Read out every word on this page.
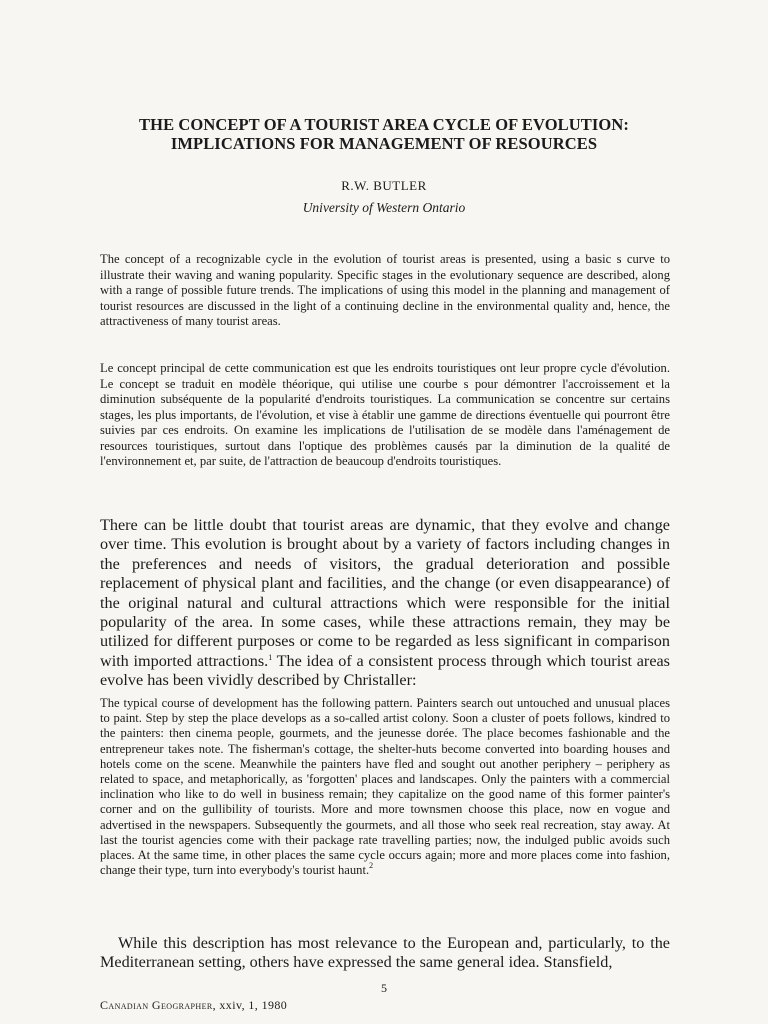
THE CONCEPT OF A TOURIST AREA CYCLE OF EVOLUTION:
IMPLICATIONS FOR MANAGEMENT OF RESOURCES
R.W. BUTLER
University of Western Ontario

The concept of a recognizable cycle in the evolution of tourist areas is presented, using a basic s curve to illustrate their waving and waning popularity. Specific stages in the evolutionary sequence are described, along with a range of possible future trends. The implications of using this model in the planning and management of tourist resources are discussed in the light of a continuing decline in the environmental quality and, hence, the attractiveness of many tourist areas.

Le concept principal de cette communication est que les endroits touristiques ont leur propre cycle d'évolution. Le concept se traduit en modèle théorique, qui utilise une courbe s pour démontrer l'accroissement et la diminution subséquente de la popularité d'endroits touristiques. La communication se concentre sur certains stages, les plus importants, de l'évolution, et vise à établir une gamme de directions éventuelle qui pourront être suivies par ces endroits. On examine les implications de l'utilisation de se modèle dans l'aménagement de resources touristiques, surtout dans l'optique des problèmes causés par la diminution de la qualité de l'environnement et, par suite, de l'attraction de beaucoup d'endroits touristiques.

There can be little doubt that tourist areas are dynamic, that they evolve and change over time. This evolution is brought about by a variety of factors including changes in the preferences and needs of visitors, the gradual deterioration and possible replacement of physical plant and facilities, and the change (or even disappearance) of the original natural and cultural attractions which were responsible for the initial popularity of the area. In some cases, while these attractions remain, they may be utilized for different purposes or come to be regarded as less significant in comparison with imported attractions.$^1$ The idea of a consistent process through which tourist areas evolve has been vividly described by Christaller:

The typical course of development has the following pattern. Painters search out untouched and unusual places to paint. Step by step the place develops as a so-called artist colony. Soon a cluster of poets follows, kindred to the painters: then cinema people, gourmets, and the jeunesse dorée. The place becomes fashionable and the entrepreneur takes note. The fisherman's cottage, the shelter-huts become converted into boarding houses and hotels come on the scene. Meanwhile the painters have fled and sought out another periphery – periphery as related to space, and metaphorically, as 'forgotten' places and landscapes. Only the painters with a commercial inclination who like to do well in business remain; they capitalize on the good name of this former painter's corner and on the gullibility of tourists. More and more townsmen choose this place, now en vogue and advertised in the newspapers. Subsequently the gourmets, and all those who seek real recreation, stay away. At last the tourist agencies come with their package rate travelling parties; now, the indulged public avoids such places. At the same time, in other places the same cycle occurs again; more and more places come into fashion, change their type, turn into everybody's tourist haunt.$^2$

While this description has most relevance to the European and, particularly, to the Mediterranean setting, others have expressed the same general idea. Stansfield,

5
Canadian Geographer, xxiv, 1, 1980
